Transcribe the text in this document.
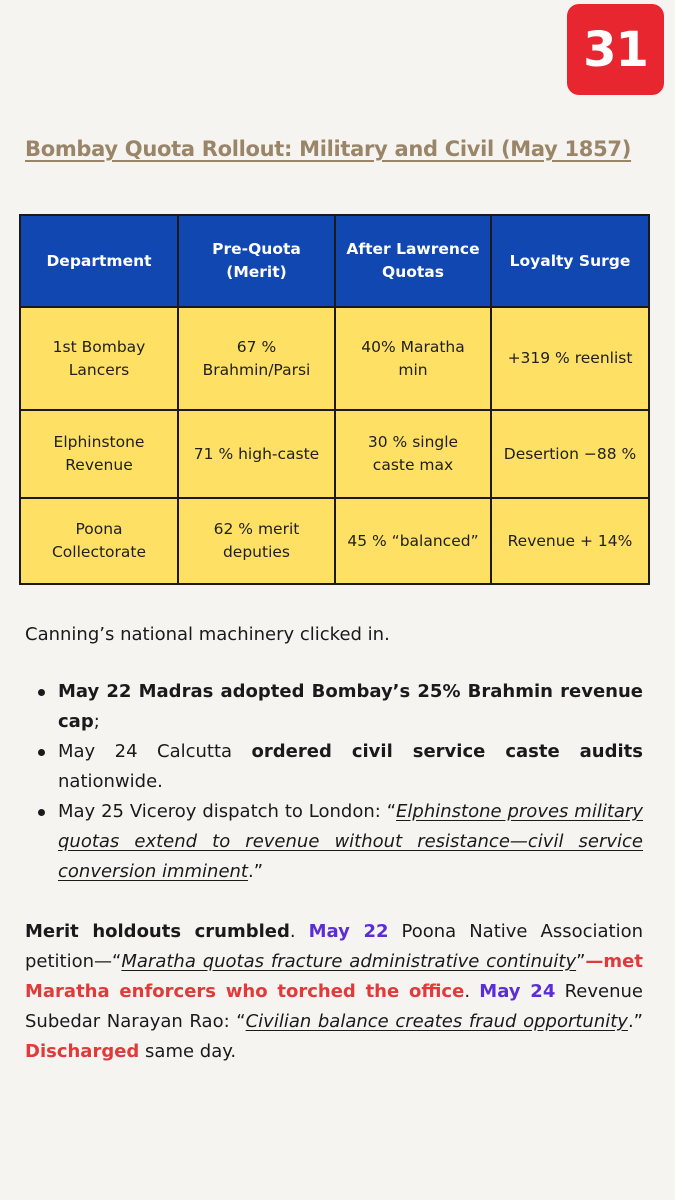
31
Bombay Quota Rollout: Military and Civil (May 1857)
Department	Pre-Quota (Merit)	After Lawrence Quotas	Loyalty Surge
1st Bombay Lancers	67 % Brahmin/Parsi	40% Maratha min	+319 % reenlist
Elphinstone Revenue	71 % high-caste	30 % single caste max	Desertion −88 %
Poona Collectorate	62 % merit deputies	45 % “balanced”	Revenue + 14%
Canning’s national machinery clicked in.
May 22 Madras adopted Bombay’s 25% Brahmin revenue cap;
May 24 Calcutta ordered civil service caste audits nationwide.
May 25 Viceroy dispatch to London: “Elphinstone proves military quotas extend to revenue without resistance—civil service conversion imminent.”
Merit holdouts crumbled. May 22 Poona Native Association petition—“Maratha quotas fracture administrative continuity”—met Maratha enforcers who torched the office. May 24 Revenue Subedar Narayan Rao: “Civilian balance creates fraud opportunity.” Discharged same day.
